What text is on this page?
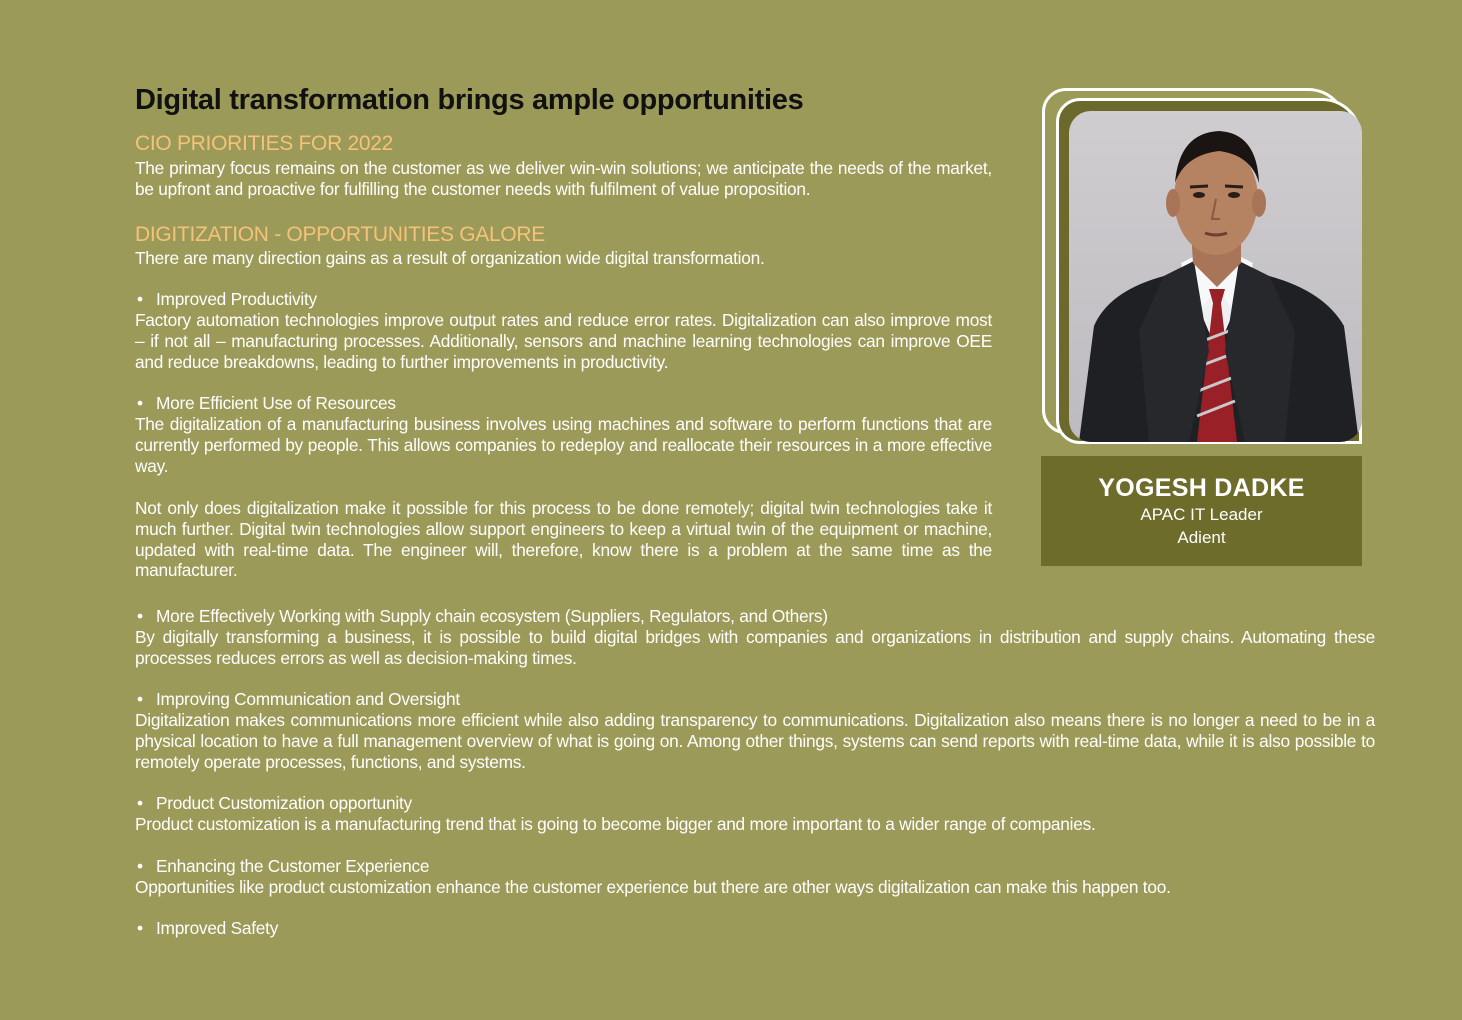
Digital transformation brings ample opportunities
CIO PRIORITIES FOR 2022
The primary focus remains on the customer as we deliver win-win solutions; we anticipate the needs of the market, be upfront and proactive for fulfilling the customer needs with fulfilment of value proposition.
DIGITIZATION - OPPORTUNITIES GALORE
There are many direction gains as a result of organization wide digital transformation.
• Improved Productivity
Factory automation technologies improve output rates and reduce error rates. Digitalization can also improve most – if not all – manufacturing processes. Additionally, sensors and machine learning technologies can improve OEE and reduce breakdowns, leading to further improvements in productivity.
• More Efficient Use of Resources
The digitalization of a manufacturing business involves using machines and software to perform functions that are currently performed by people. This allows companies to redeploy and reallocate their resources in a more effective way.
Not only does digitalization make it possible for this process to be done remotely; digital twin technologies take it much further. Digital twin technologies allow support engineers to keep a virtual twin of the equipment or machine, updated with real-time data. The engineer will, therefore, know there is a problem at the same time as the manufacturer.
• More Effectively Working with Supply chain ecosystem (Suppliers, Regulators, and Others)
By digitally transforming a business, it is possible to build digital bridges with companies and organizations in distribution and supply chains. Automating these processes reduces errors as well as decision-making times.
• Improving Communication and Oversight
Digitalization makes communications more efficient while also adding transparency to communications. Digitalization also means there is no longer a need to be in a physical location to have a full management overview of what is going on. Among other things, systems can send reports with real-time data, while it is also possible to remotely operate processes, functions, and systems.
• Product Customization opportunity
Product customization is a manufacturing trend that is going to become bigger and more important to a wider range of companies.
• Enhancing the Customer Experience
Opportunities like product customization enhance the customer experience but there are other ways digitalization can make this happen too.
• Improved Safety
YOGESH DADKE
APAC IT Leader
Adient
